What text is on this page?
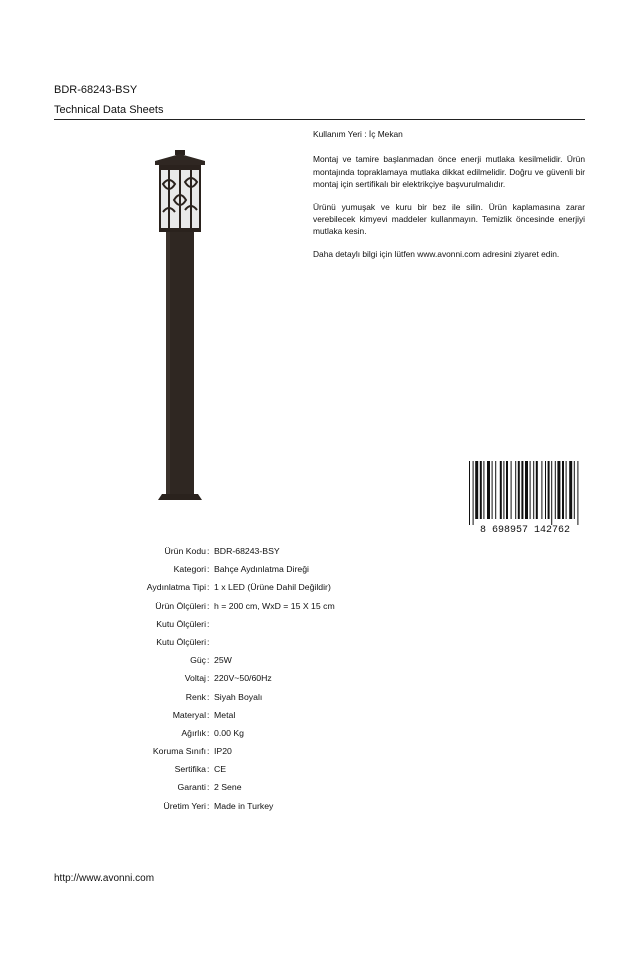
BDR-68243-BSY
Technical Data Sheets

Kullanım Yeri : İç Mekan

Montaj ve tamire başlanmadan önce enerji mutlaka kesilmelidir. Ürün montajında topraklamaya mutlaka dikkat edilmelidir. Doğru ve güvenli bir montaj için sertifikalı bir elektrikçiye başvurulmalıdır.

Ürünü yumuşak ve kuru bir bez ile silin. Ürün kaplamasına zarar verebilecek kimyevi maddeler kullanmayın. Temizlik öncesinde enerjiyi mutlaka kesin.

Daha detaylı bilgi için lütfen www.avonni.com adresini ziyaret edin.

8 698957 142762
Ürün Kodu : BDR-68243-BSY
Kategori : Bahçe Aydınlatma Direği
Aydınlatma Tipi : 1 x LED (Ürüne Dahil Değildir)
Ürün Ölçüleri : h = 200 cm, WxD = 15 X 15 cm
Kutu Ölçüleri :
Kutu Ölçüleri :
Güç : 25W
Voltaj : 220V~50/60Hz
Renk : Siyah Boyalı
Materyal : Metal
Ağırlık : 0.00 Kg
Koruma Sınıfı : IP20
Sertifika : CE
Garanti : 2 Sene
Üretim Yeri : Made in Turkey
http://www.avonni.com
